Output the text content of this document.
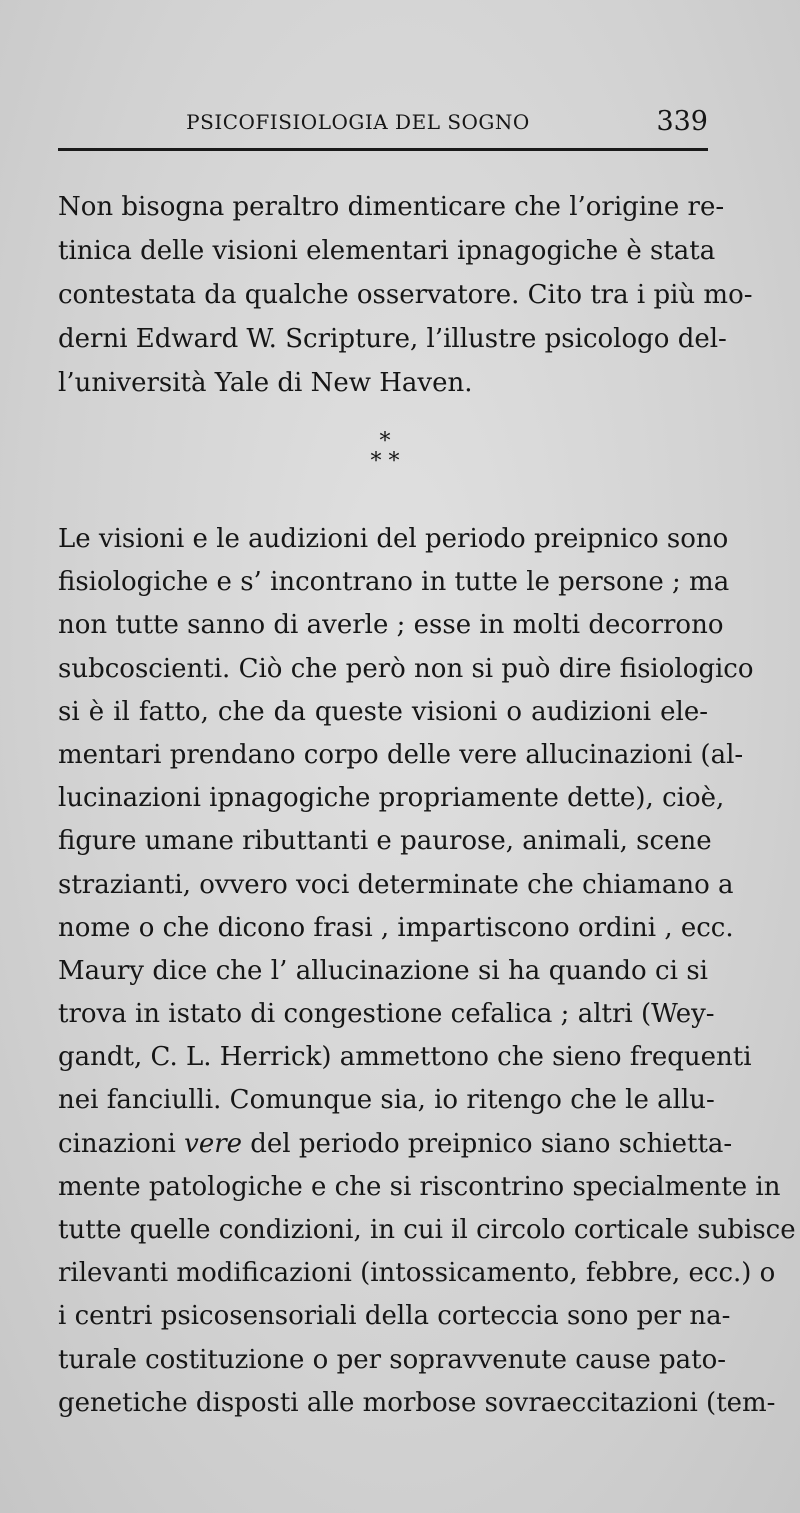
PSICOFISIOLOGIA DEL SOGNO	339
Non bisogna peraltro dimenticare che l’origine re-
tinica delle visioni elementari ipnagogiche è stata
contestata da qualche osservatore. Cito tra i più mo-
derni Edward W. Scripture, l’illustre psicologo del-
l’università Yale di New Haven.
*
* *
Le visioni e le audizioni del periodo preipnico sono
fisiologiche e s’ incontrano in tutte le persone ; ma
non tutte sanno di averle ; esse in molti decorrono
subcoscienti. Ciò che però non si può dire fisiologico
si è il fatto, che da queste visioni o audizioni ele-
mentari prendano corpo delle vere allucinazioni (al-
lucinazioni ipnagogiche propriamente dette), cioè,
figure umane ributtanti e paurose, animali, scene
strazianti, ovvero voci determinate che chiamano a
nome o che dicono frasi , impartiscono ordini , ecc.
Maury dice che l’ allucinazione si ha quando ci si
trova in istato di congestione cefalica ; altri (Wey-
gandt, C. L. Herrick) ammettono che sieno frequenti
nei fanciulli. Comunque sia, io ritengo che le allu-
cinazioni vere del periodo preipnico siano schietta-
mente patologiche e che si riscontrino specialmente in
tutte quelle condizioni, in cui il circolo corticale subisce
rilevanti modificazioni (intossicamento, febbre, ecc.) o
i centri psicosensoriali della corteccia sono per na-
turale costituzione o per sopravvenute cause pato-
genetiche disposti alle morbose sovraeccitazioni (tem-
